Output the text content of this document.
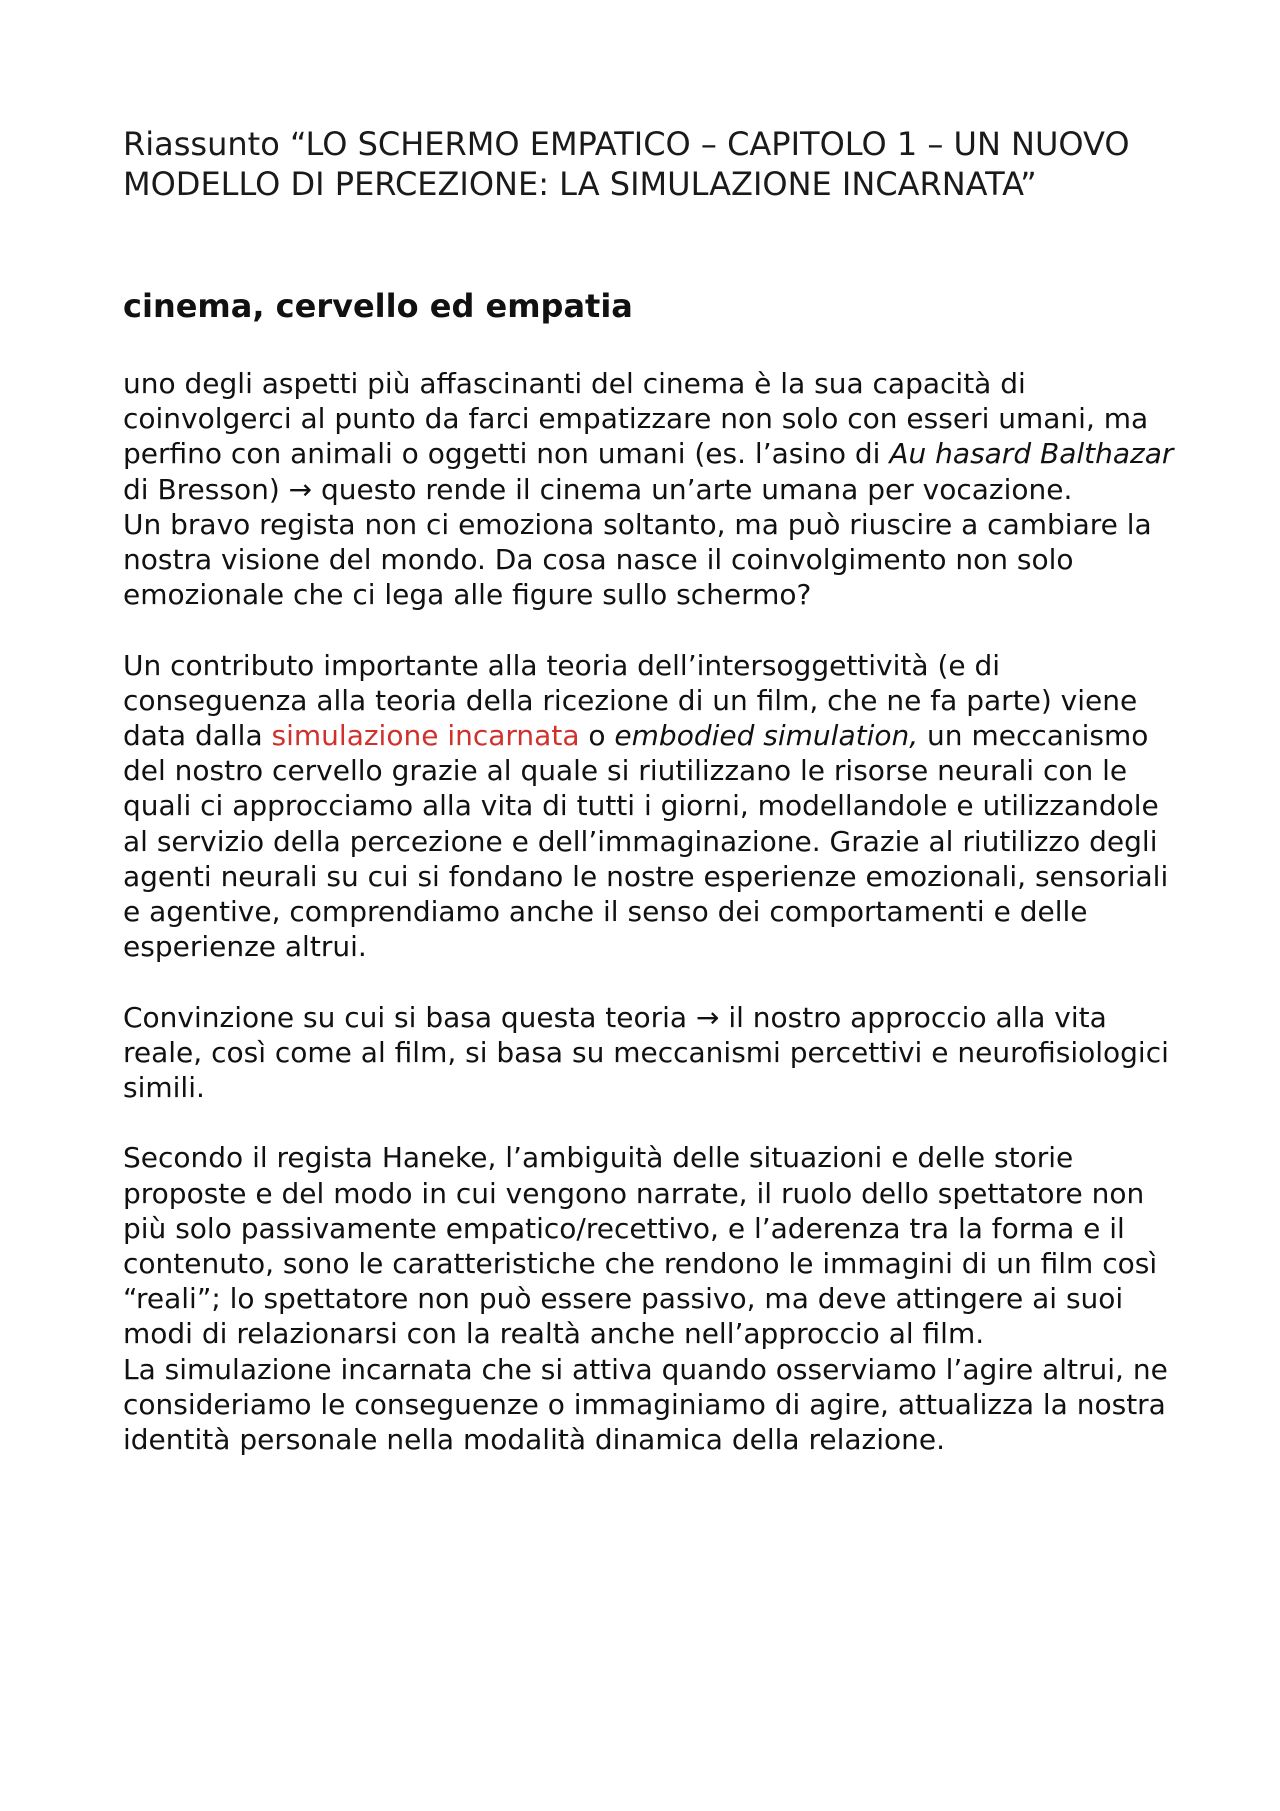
Riassunto “LO SCHERMO EMPATICO – CAPITOLO 1 – UN NUOVO MODELLO DI PERCEZIONE: LA SIMULAZIONE INCARNATA”
cinema, cervello ed empatia

uno degli aspetti più affascinanti del cinema è la sua capacità di coinvolgerci al punto da farci empatizzare non solo con esseri umani, ma perfino con animali o oggetti non umani (es. l’asino di Au hasard Balthazar di Bresson) → questo rende il cinema un’arte umana per vocazione.

Un bravo regista non ci emoziona soltanto, ma può riuscire a cambiare la nostra visione del mondo. Da cosa nasce il coinvolgimento non solo emozionale che ci lega alle figure sullo schermo?

Un contributo importante alla teoria dell’intersoggettività (e di conseguenza alla teoria della ricezione di un film, che ne fa parte) viene data dalla simulazione incarnata o embodied simulation, un meccanismo del nostro cervello grazie al quale si riutilizzano le risorse neurali con le quali ci approcciamo alla vita di tutti i giorni, modellandole e utilizzandole al servizio della percezione e dell’immaginazione. Grazie al riutilizzo degli agenti neurali su cui si fondano le nostre esperienze emozionali, sensoriali e agentive, comprendiamo anche il senso dei comportamenti e delle esperienze altrui.

Convinzione su cui si basa questa teoria → il nostro approccio alla vita reale, così come al film, si basa su meccanismi percettivi e neurofisiologici simili.

Secondo il regista Haneke, l’ambiguità delle situazioni e delle storie proposte e del modo in cui vengono narrate, il ruolo dello spettatore non più solo passivamente empatico/recettivo, e l’aderenza tra la forma e il contenuto, sono le caratteristiche che rendono le immagini di un film così “reali”; lo spettatore non può essere passivo, ma deve attingere ai suoi modi di relazionarsi con la realtà anche nell’approccio al film.

La simulazione incarnata che si attiva quando osserviamo l’agire altrui, ne consideriamo le conseguenze o immaginiamo di agire, attualizza la nostra identità personale nella modalità dinamica della relazione.
